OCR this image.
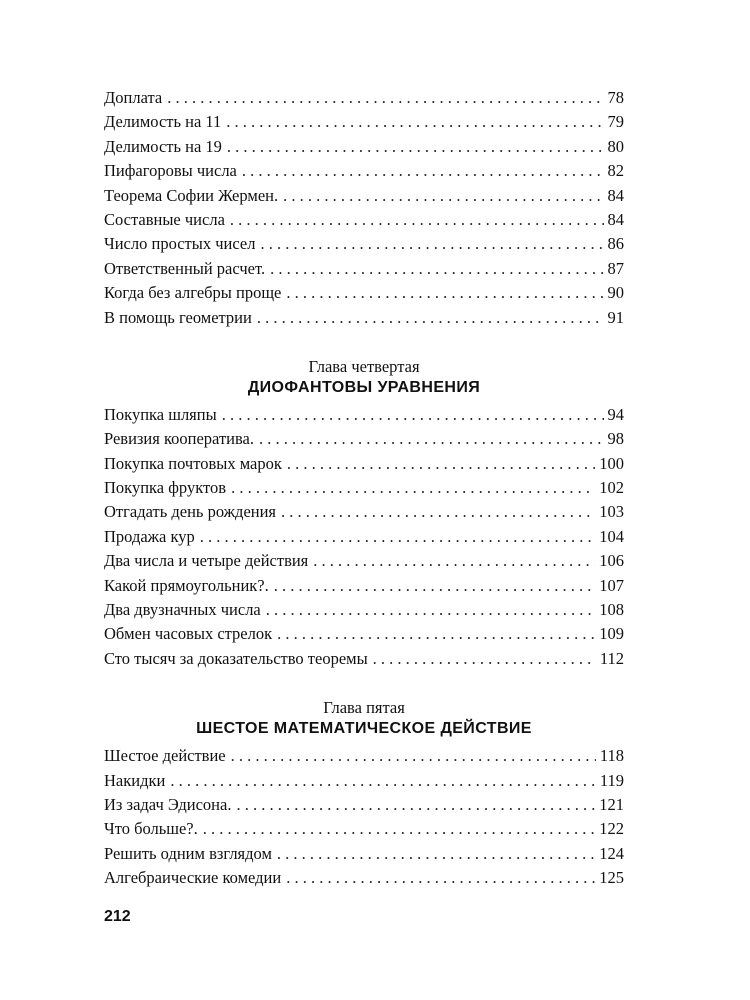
Доплата . . .	78
Делимость на 11 . . .	79
Делимость на 19 . . .	80
Пифагоровы числа . . .	82
Теорема Софии Жермен. . . .	84
Составные числа . . .	84
Число простых чисел . . .	86
Ответственный расчет. . . .	87
Когда без алгебры проще . . .	90
В помощь геометрии . . .	91
Глава четвертая
ДИОФАНТОВЫ УРАВНЕНИЯ
Покупка шляпы . . .	94
Ревизия кооператива. . . .	98
Покупка почтовых марок . . .	100
Покупка фруктов . . .	102
Отгадать день рождения . . .	103
Продажа кур . . .	104
Два числа и четыре действия . . .	106
Какой прямоугольник?. . . .	107
Два двузначных числа . . .	108
Обмен часовых стрелок . . .	109
Сто тысяч за доказательство теоремы . . .	112
Глава пятая
ШЕСТОЕ МАТЕМАТИЧЕСКОЕ ДЕЙСТВИЕ
Шестое действие . . .	118
Накидки . . .	119
Из задач Эдисона. . . .	121
Что больше?. . . .	122
Решить одним взглядом . . .	124
Алгебраические комедии . . .	125
212
